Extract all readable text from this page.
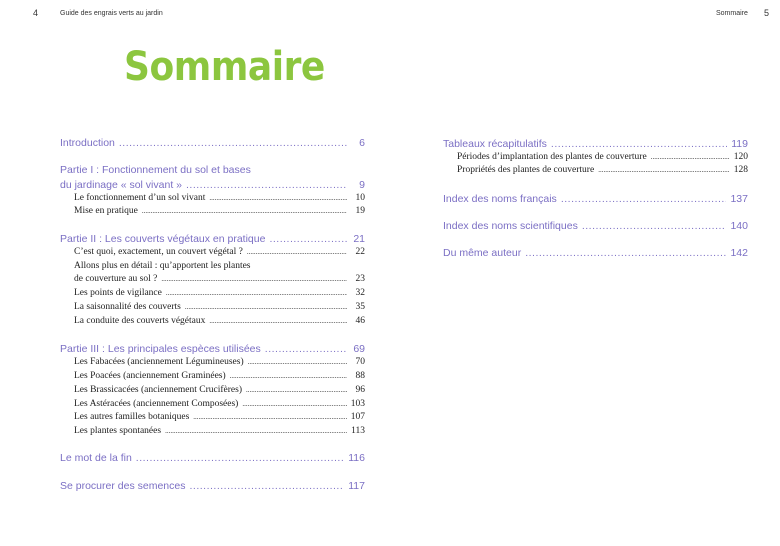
4	Guide des engrais verts au jardin	Sommaire 5
Sommaire
Introduction .....	6
Partie I : Fonctionnement du sol et bases
du jardinage « sol vivant » .....	9
Le fonctionnement d’un sol vivant .....	10
Mise en pratique .....	19
Partie II : Les couverts végétaux en pratique .....	21
C’est quoi, exactement, un couvert végétal ? .....	22
Allons plus en détail : qu’apportent les plantes
de couverture au sol ? .....	23
Les points de vigilance .....	32
La saisonnalité des couverts .....	35
La conduite des couverts végétaux .....	46
Partie III : Les principales espèces utilisées .....	69
Les Fabacées (anciennement Légumineuses) .....	70
Les Poacées (anciennement Graminées) .....	88
Les Brassicacées (anciennement Crucifères) .....	96
Les Astéracées (anciennement Composées) .....	103
Les autres familles botaniques .....	107
Les plantes spontanées .....	113
Le mot de la fin .....	116
Se procurer des semences .....	117
Tableaux récapitulatifs .....	119
Périodes d’implantation des plantes de couverture .....	120
Propriétés des plantes de couverture .....	128
Index des noms français .....	137
Index des noms scientifiques .....	140
Du même auteur .....	142
